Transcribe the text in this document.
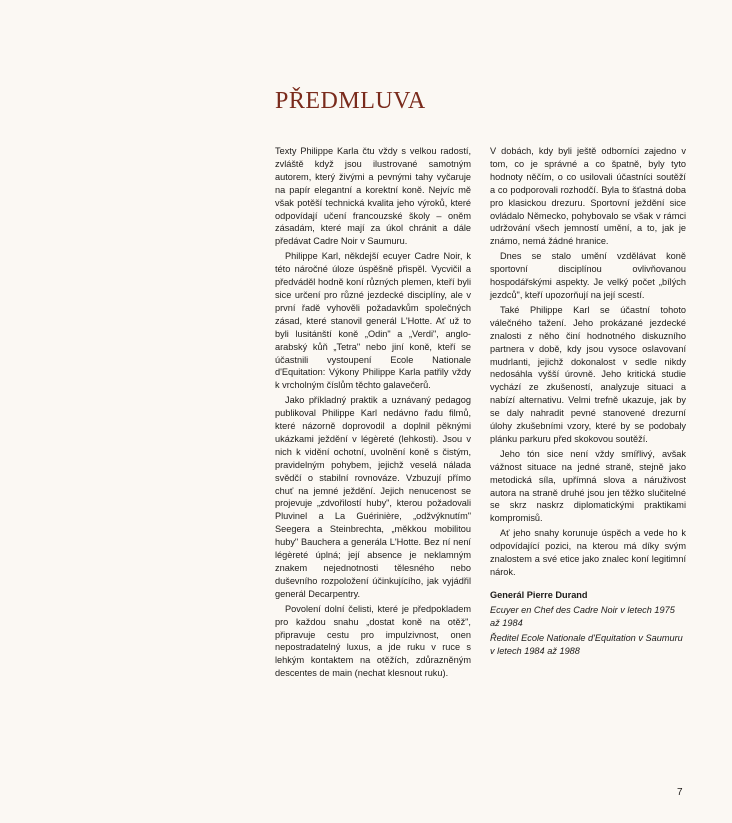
PŘEDMLUVA

Texty Philippe Karla čtu vždy s velkou radostí, zvláště když jsou ilustrované samotným autorem, který živými a pevnými tahy vyčaruje na papír elegantní a korektní koně. Nejvíc mě však potěší technická kvalita jeho výroků, které odpovídají učení francouzské školy – oněm zásadám, které mají za úkol chránit a dále předávat Cadre Noir v Saumuru.

Philippe Karl, někdejší ecuyer Cadre Noir, k této náročné úloze úspěšně přispěl. Vycvičil a předváděl hodně koní různých plemen, kteří byli sice určení pro různé jezdecké disciplíny, ale v první řadě vyhověli požadavkům společných zásad, které stanovil generál L'Hotte. Ať už to byli lusitánští koně „Odin" a „Verdi", anglo-arabský kůň „Tetra" nebo jiní koně, kteří se účastnili vystoupení Ecole Nationale d'Equitation: Výkony Philippe Karla patřily vždy k vrcholným číslům těchto galavečerů.

Jako příkladný praktik a uznávaný pedagog publikoval Philippe Karl nedávno řadu filmů, které názorně doprovodil a doplnil pěknými ukázkami ježdění v légèreté (lehkosti). Jsou v nich k vidění ochotní, uvolnění koně s čistým, pravidelným pohybem, jejichž veselá nálada svědčí o stabilní rovnováze. Vzbuzují přímo chuť na jemné ježdění. Jejich nenucenost se projevuje „zdvořilostí huby", kterou požadovali Pluvinel a La Guérinière, „odžvýknutím" Seegera a Steinbrechta, „měkkou mobilitou huby" Bauchera a generála L'Hotte. Bez ní není légèreté úplná; její absence je neklamným znakem nejednotnosti tělesného nebo duševního rozpoložení účinkujícího, jak vyjádřil generál Decarpentry.

Povolení dolní čelisti, které je předpokladem pro každou snahu „dostat koně na otěž", připravuje cestu pro impulzivnost, onen nepostradatelný luxus, a jde ruku v ruce s lehkým kontaktem na otěžích, zdůrazněným descentes de main (nechat klesnout ruku).

V dobách, kdy byli ještě odborníci zajedno v tom, co je správné a co špatně, byly tyto hodnoty něčím, o co usilovali účastníci soutěží a co podporovali rozhodčí. Byla to šťastná doba pro klasickou drezuru. Sportovní ježdění sice ovládalo Německo, pohybovalo se však v rámci udržování všech jemností umění, a to, jak je známo, nemá žádné hranice.

Dnes se stalo umění vzdělávat koně sportovní disciplínou ovlivňovanou hospodářskými aspekty. Je velký počet „bílých jezdců", kteří upozorňují na její scestí.

Také Philippe Karl se účastní tohoto válečného tažení. Jeho prokázané jezdecké znalosti z něho činí hodnotného diskuzního partnera v době, kdy jsou vysoce oslavovaní mudrlanti, jejichž dokonalost v sedle nikdy nedosáhla vyšší úrovně. Jeho kritická studie vychází ze zkušeností, analyzuje situaci a nabízí alternativu. Velmi trefně ukazuje, jak by se daly nahradit pevné stanovené drezurní úlohy zkušebními vzory, které by se podobaly plánku parkuru před skokovou soutěží.

Jeho tón sice není vždy smířlivý, avšak vážnost situace na jedné straně, stejně jako metodická síla, upřímná slova a náruživost autora na straně druhé jsou jen těžko slučitelné se skrz naskrz diplomatickými praktikami kompromisů.

Ať jeho snahy korunuje úspěch a vede ho k odpovídající pozici, na kterou má díky svým znalostem a své etice jako znalec koní legitimní nárok.

Generál Pierre Durand

Ecuyer en Chef des Cadre Noir v letech 1975 až 1984

Ředitel Ecole Nationale d'Equitation v Saumuru v letech 1984 až 1988

7
